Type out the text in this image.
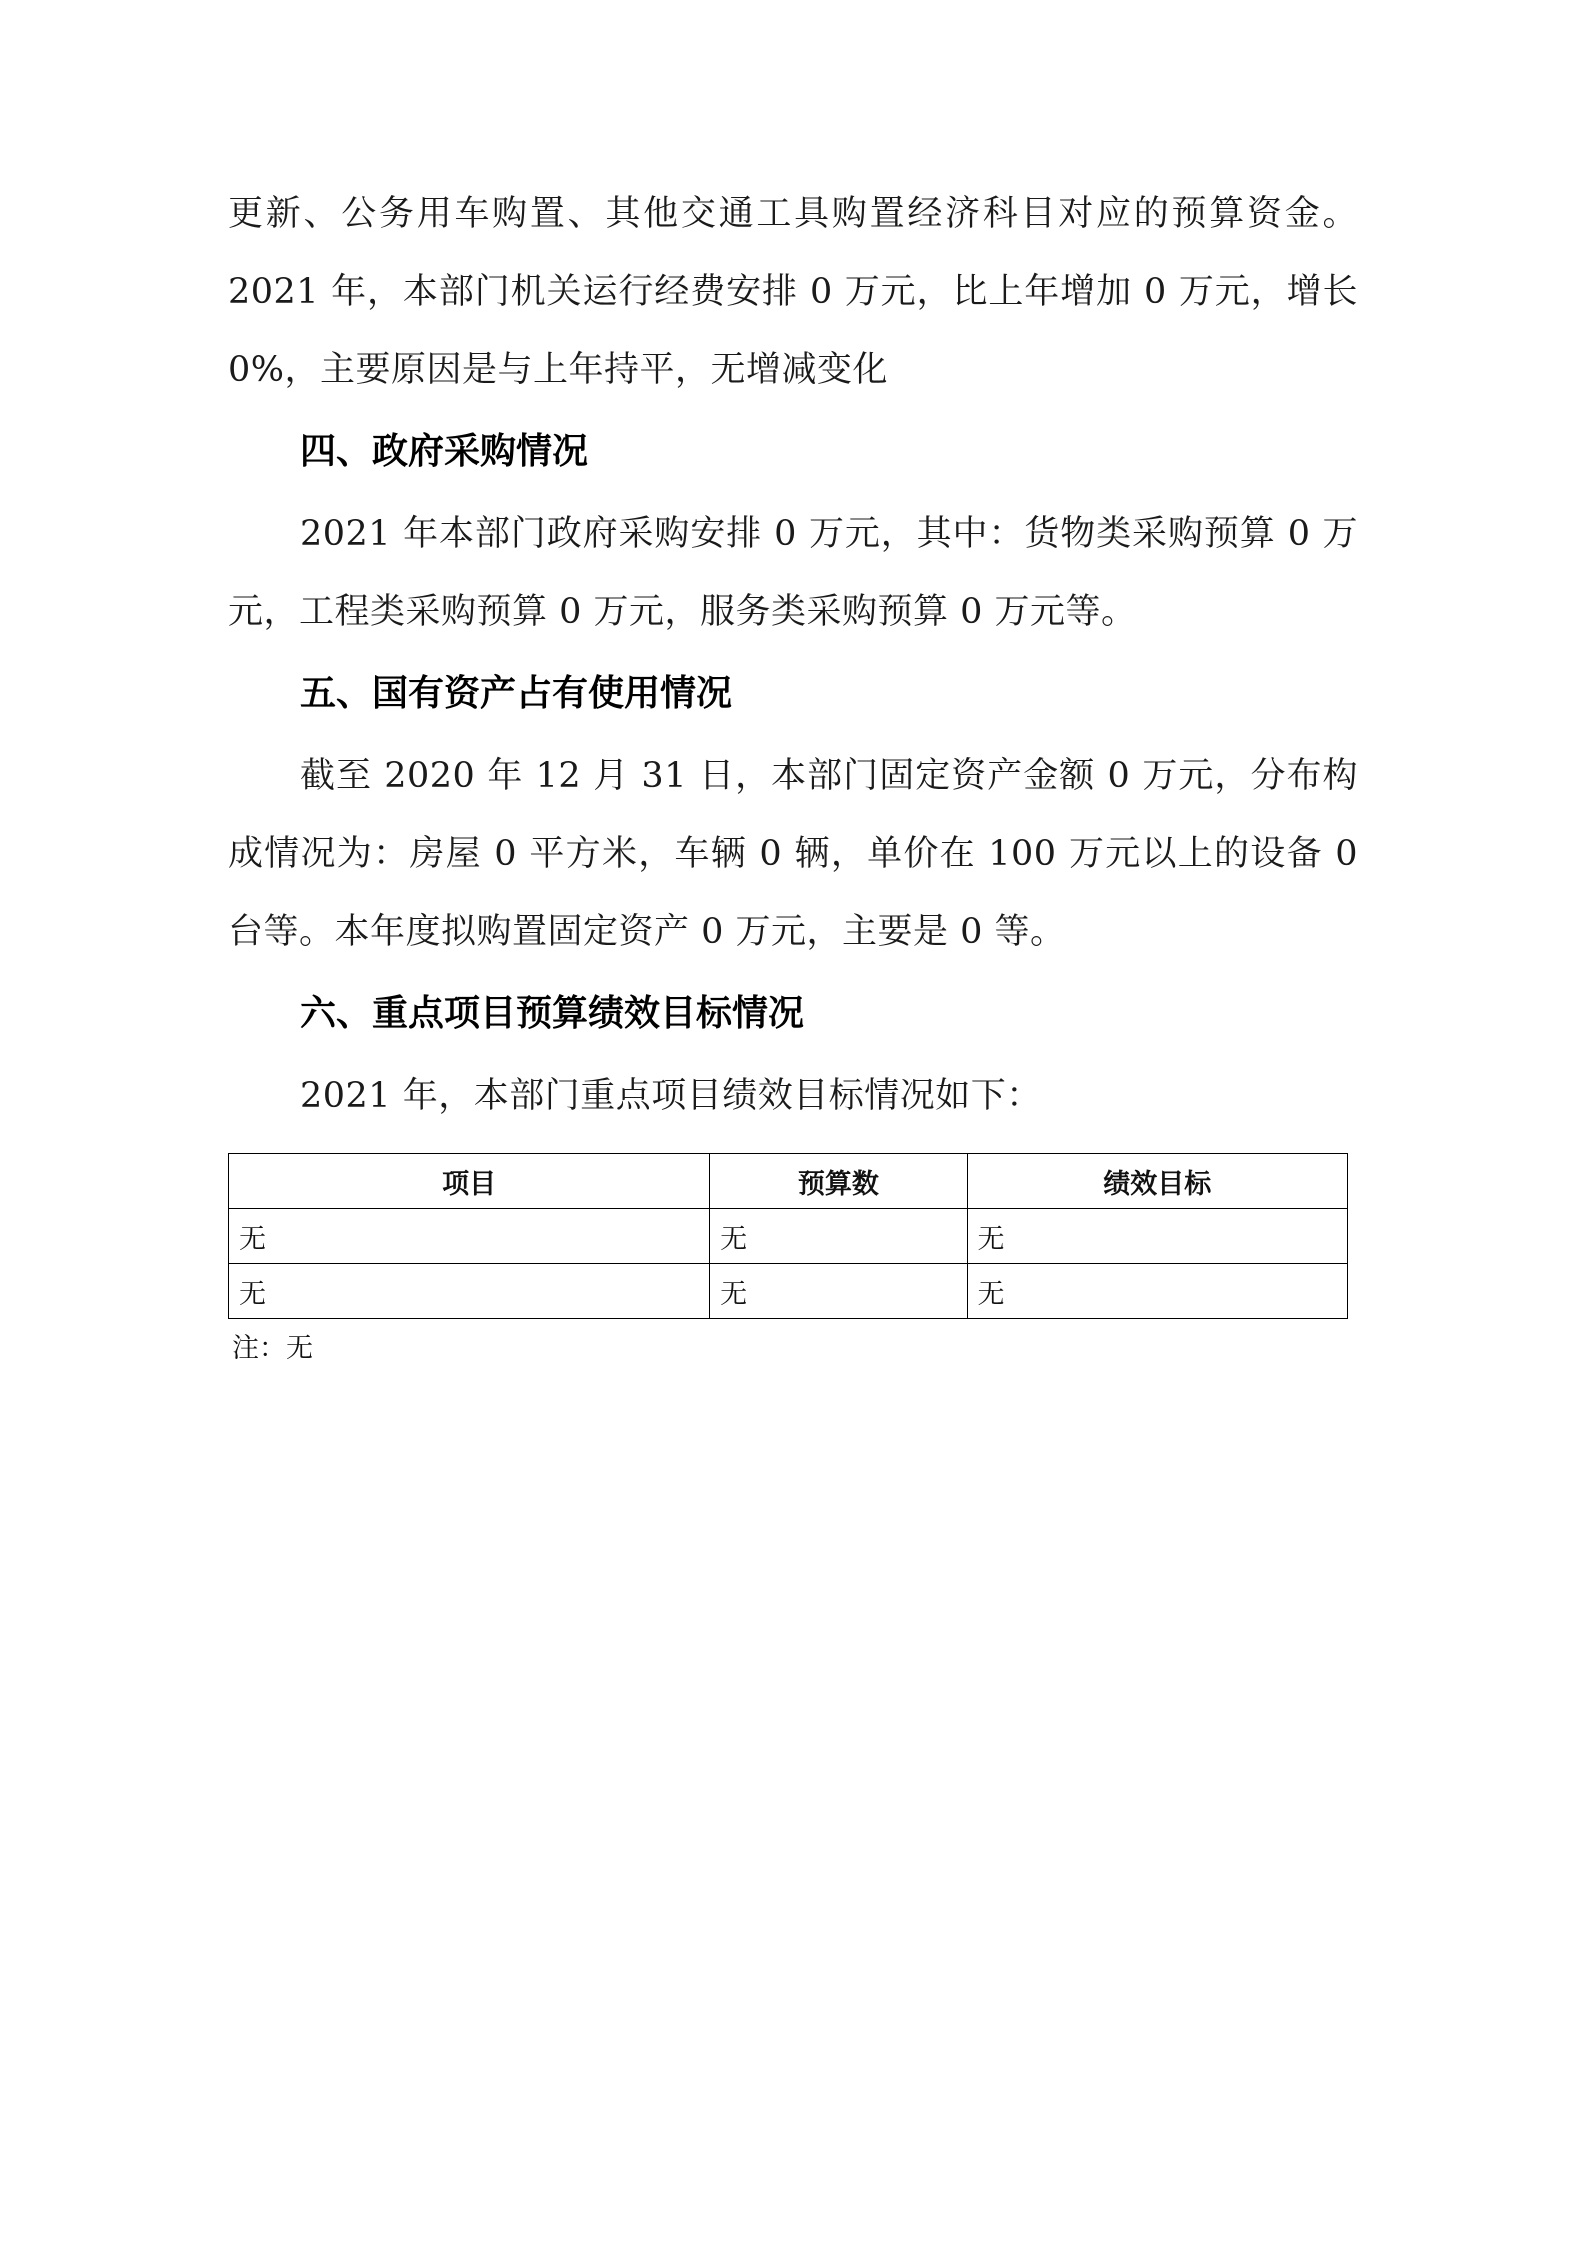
更新、公务用车购置、其他交通工具购置经济科目对应的预算资金。2021 年，本部门机关运行经费安排 0 万元，比上年增加 0 万元，增长 0%，主要原因是与上年持平，无增减变化

四、政府采购情况

2021 年本部门政府采购安排 0 万元，其中：货物类采购预算 0 万元，工程类采购预算 0 万元，服务类采购预算 0 万元等。

五、国有资产占有使用情况

截至 2020 年 12 月 31 日，本部门固定资产金额 0 万元，分布构成情况为：房屋 0 平方米，车辆 0 辆，单价在 100 万元以上的设备 0 台等。本年度拟购置固定资产 0 万元，主要是 0 等。

六、重点项目预算绩效目标情况

2021 年，本部门重点项目绩效目标情况如下：

项目	预算数	绩效目标
无	无	无
无	无	无

注：无
